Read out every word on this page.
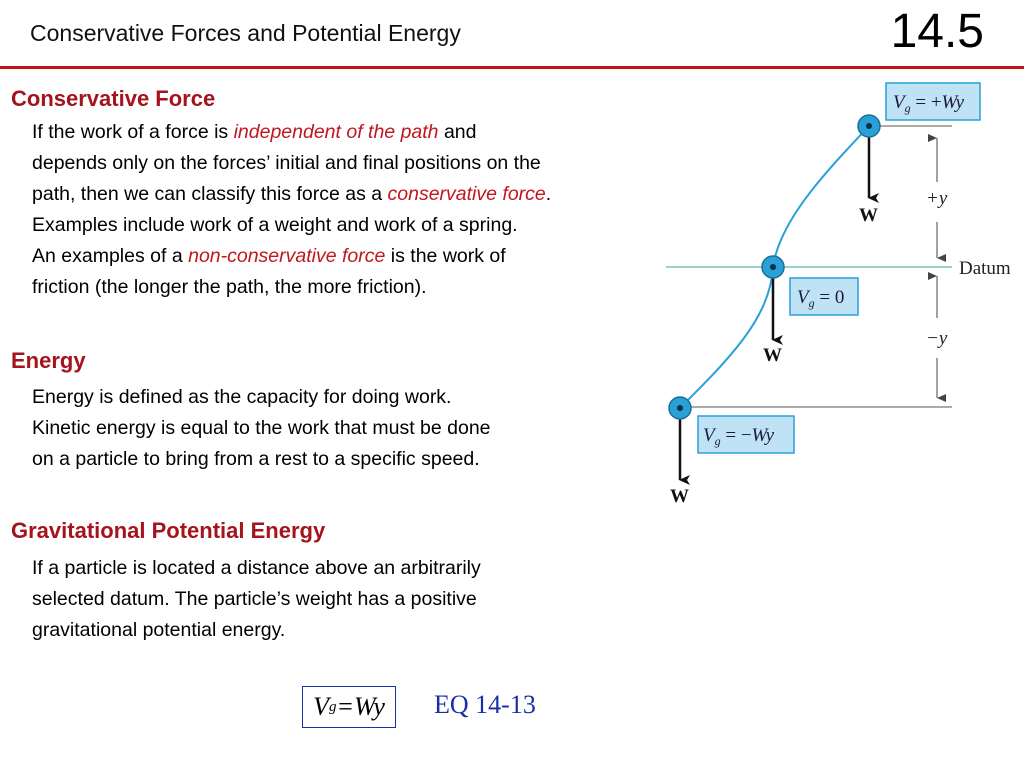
Conservative Forces and Potential Energy	14.5
Conservative Force
If the work of a force is independent of the path and
depends only on the forces’ initial and final positions on the
path, then we can classify this force as a conservative force.
Examples include work of a weight and work of a spring.
An examples of a non-conservative force is the work of
friction (the longer the path, the more friction).
Energy
Energy is defined as the capacity for doing work.
Kinetic energy is equal to the work that must be done
on a particle to bring from a rest to a specific speed.
Gravitational Potential Energy
If a particle is located a distance above an arbitrarily
selected datum. The particle’s weight has a positive
gravitational potential energy.
V g =Wy EQ 14-13
+y
−y
Datum
W
W
W
$V_g = +Wy$
$V_g = 0$
$V_g = -Wy$
